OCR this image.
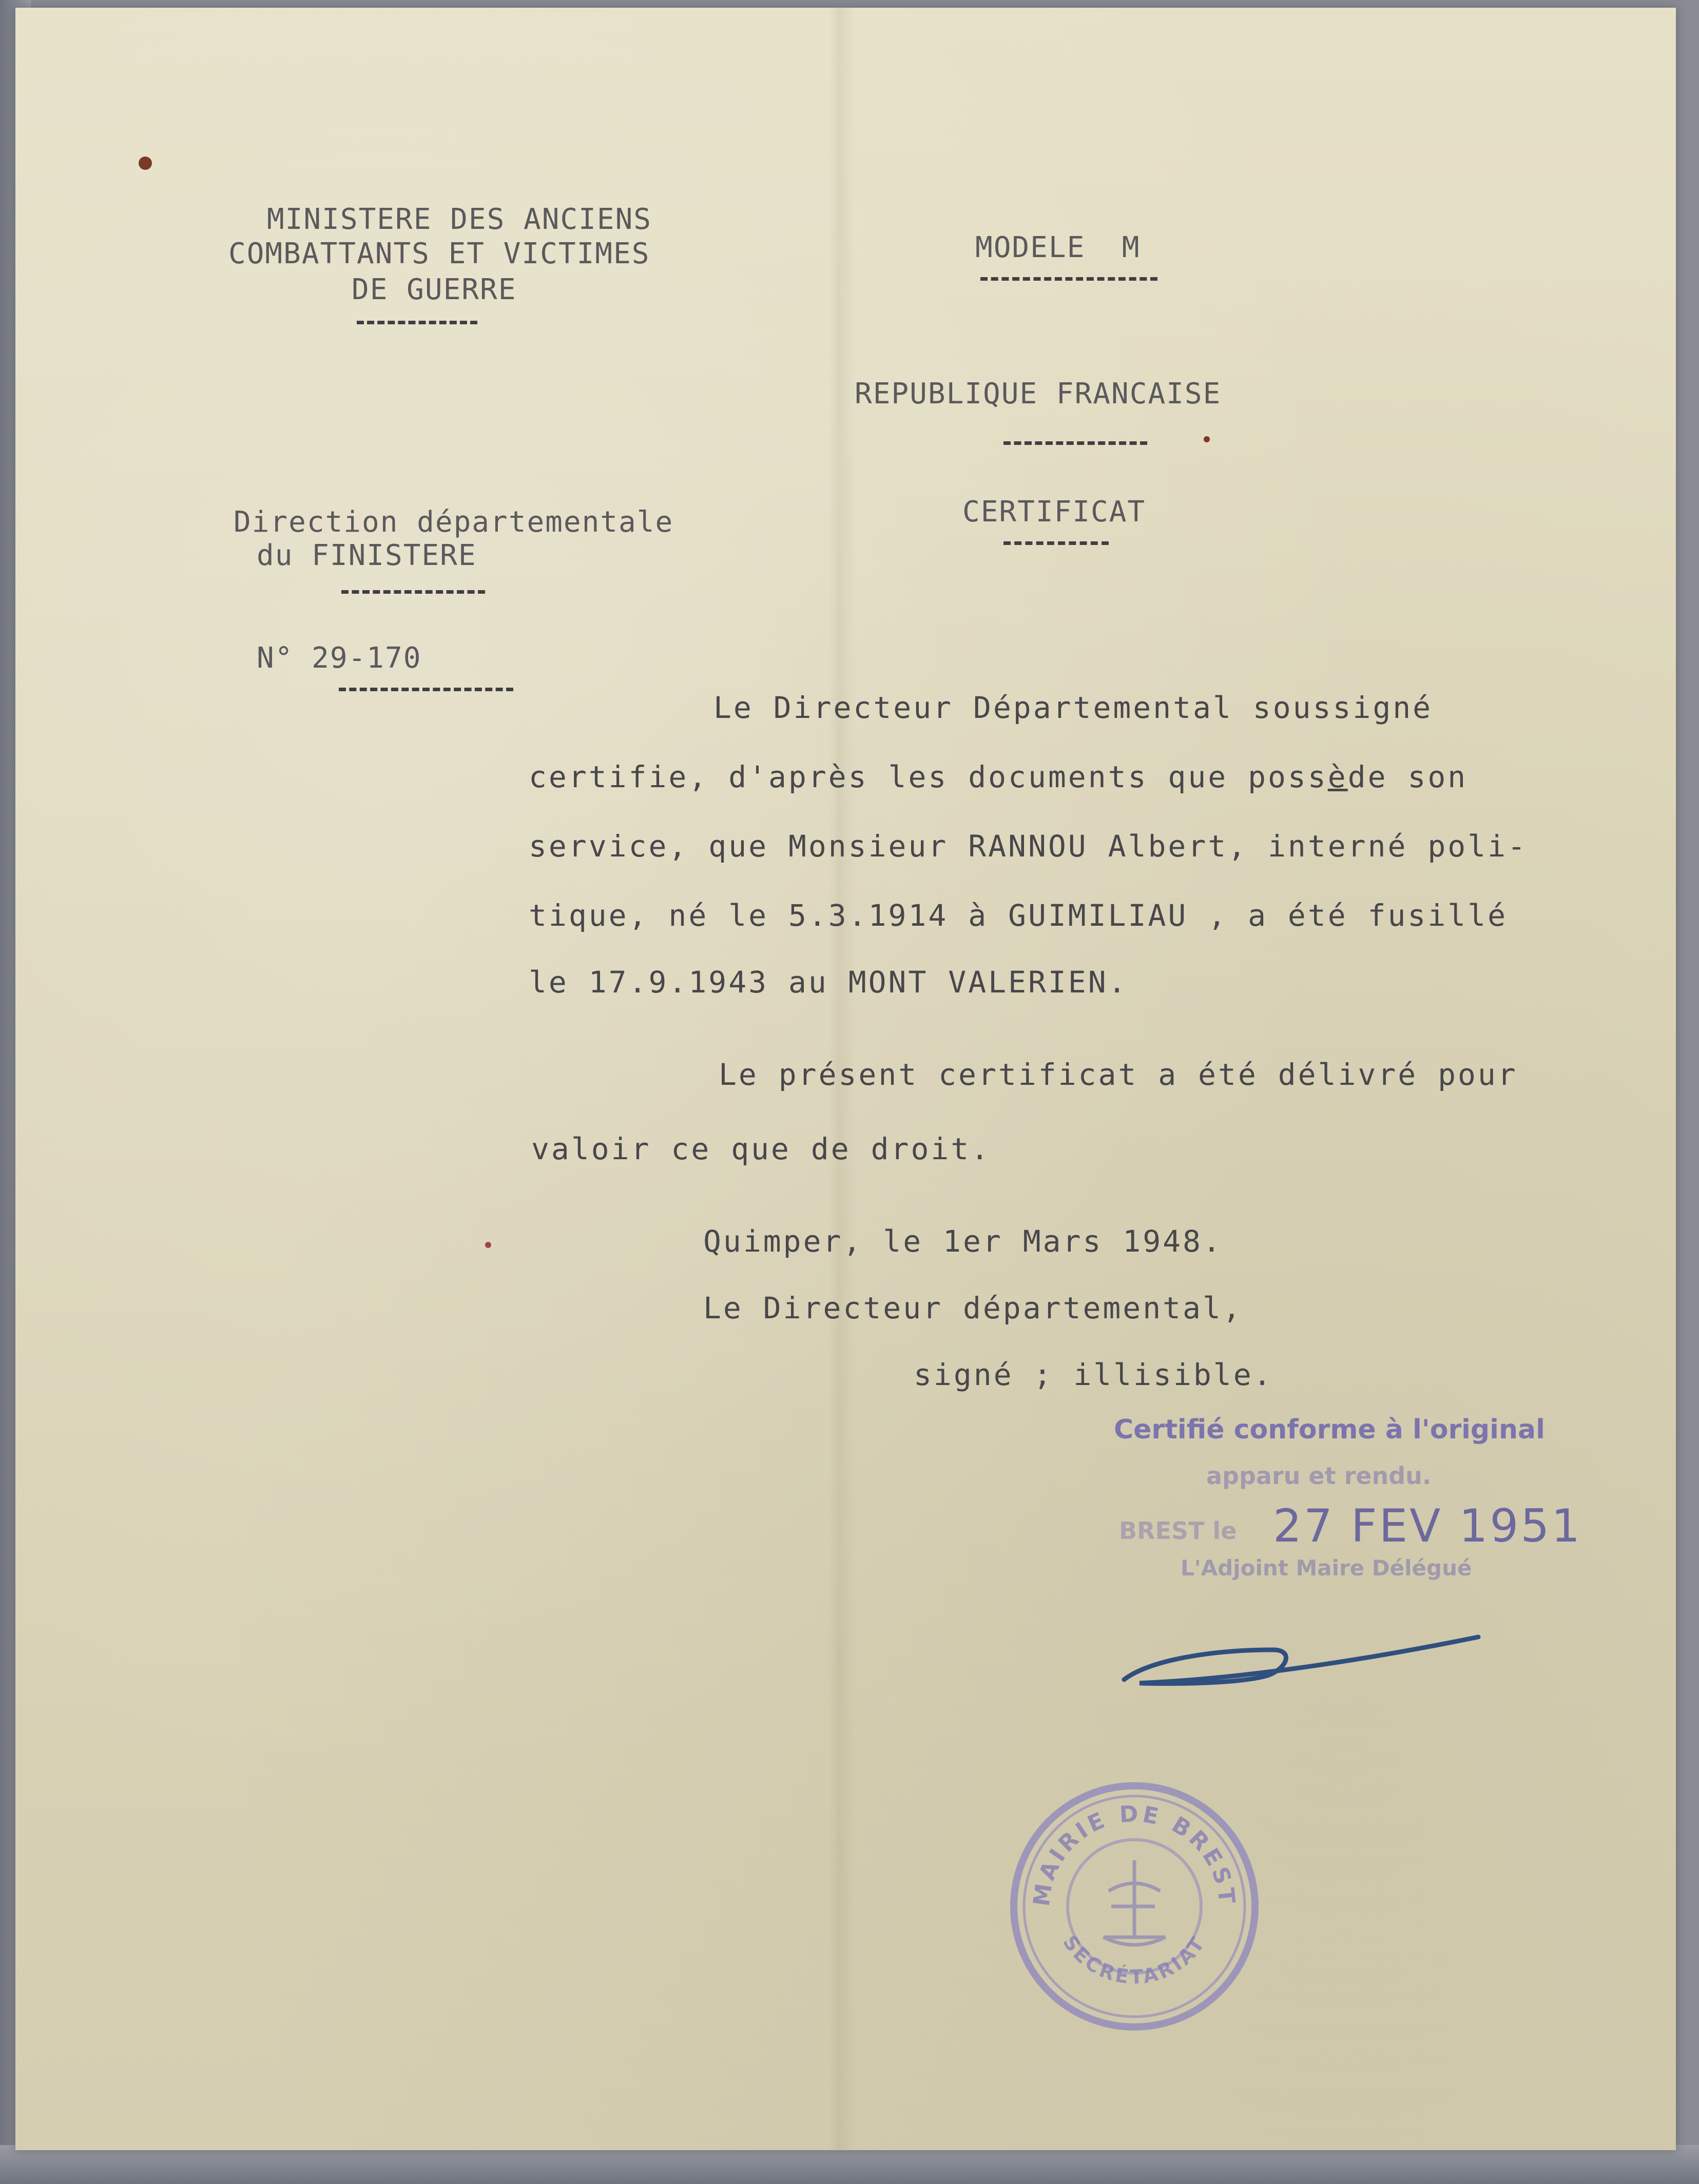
MINISTERE DES ANCIENS

COMBATTANTS ET VICTIMES

DE GUERRE

MODELE  M

REPUBLIQUE FRANCAISE

Direction départementale

du FINISTERE

CERTIFICAT

N° 29-170

Le Directeur Départemental soussigné

certifie, d'après les documents que possède son

service, que Monsieur RANNOU Albert, interné poli-

tique, né le 5.3.1914 à GUIMILIAU , a été fusillé

le 17.9.1943 au MONT VALERIEN.

Le présent certificat a été délivré pour

valoir ce que de droit.

Quimper, le 1er Mars 1948.

Le Directeur départemental,

signé ; illisible.

Certifié conforme à l'original

apparu et rendu.

BREST le 27 FEV 1951

L'Adjoint Maire Délégué

MAIRIE DE BREST
SECRÉTARIAT
